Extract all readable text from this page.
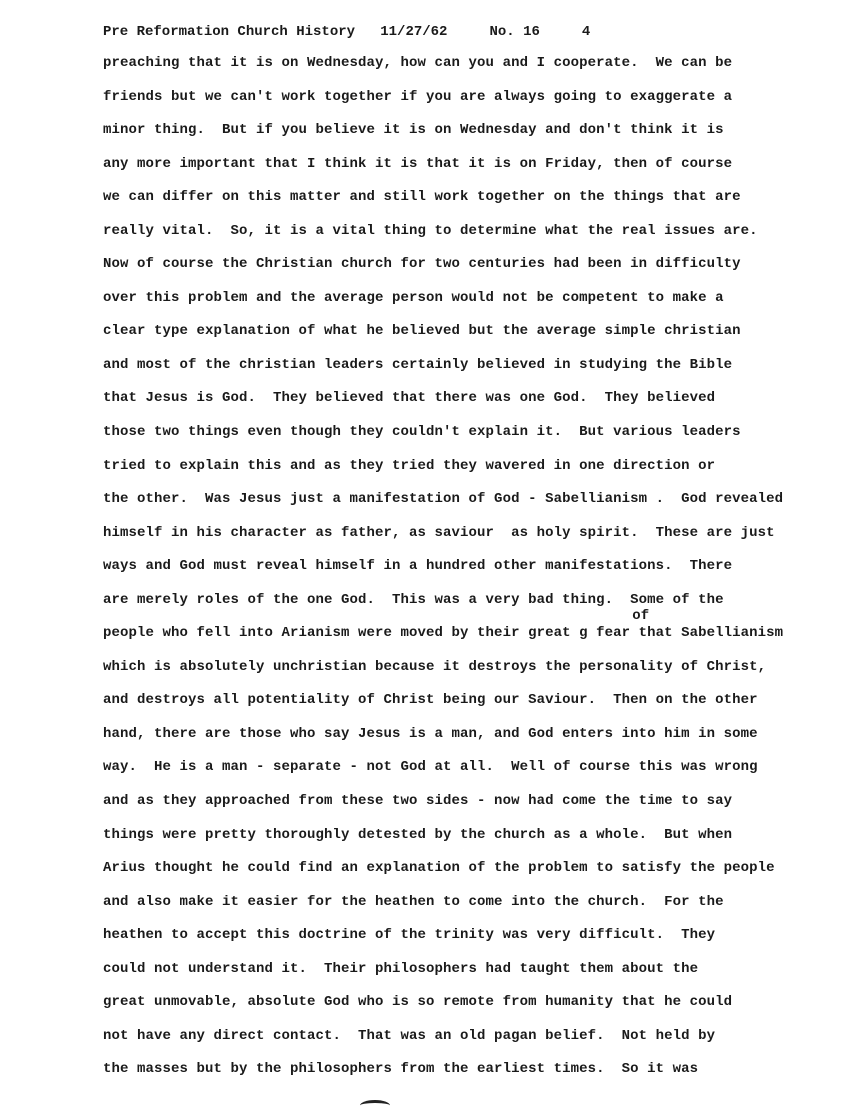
Pre Reformation Church History   11/27/62     No. 16     4
preaching that it is on Wednesday, how can you and I cooperate.  We can be
friends but we can't work together if you are always going to exaggerate a
minor thing.  But if you believe it is on Wednesday and don't think it is
any more important that I think it is that it is on Friday, then of course
we can differ on this matter and still work together on the things that are
really vital.  So, it is a vital thing to determine what the real issues are.
Now of course the Christian church for two centuries had been in difficulty
over this problem and the average person would not be competent to make a
clear type explanation of what he believed but the average simple christian
and most of the christian leaders certainly believed in studying the Bible
that Jesus is God.  They believed that there was one God.  They believed
those two things even though they couldn't explain it.  But various leaders
tried to explain this and as they tried they wavered in one direction or
the other.  Was Jesus just a manifestation of God - Sabellianism .  God revealed
himself in his character as father, as saviour  as holy spirit.  These are just
ways and God must reveal himself in a hundred other manifestations.  There
are merely roles of the one God.  This was a very bad thing.  Some of the
people who fell into Arianism were moved by their great g fear that Sabellianism
of
which is absolutely unchristian because it destroys the personality of Christ,
and destroys all potentiality of Christ being our Saviour.  Then on the other
hand, there are those who say Jesus is a man, and God enters into him in some
way.  He is a man - separate - not God at all.  Well of course this was wrong
and as they approached from these two sides - now had come the time to say
things were pretty thoroughly detested by the church as a whole.  But when
Arius thought he could find an explanation of the problem to satisfy the people
and also make it easier for the heathen to come into the church.  For the
heathen to accept this doctrine of the trinity was very difficult.  They
could not understand it.  Their philosophers had taught them about the
great unmovable, absolute God who is so remote from humanity that he could
not have any direct contact.  That was an old pagan belief.  Not held by
the masses but by the philosophers from the earliest times.  So it was
